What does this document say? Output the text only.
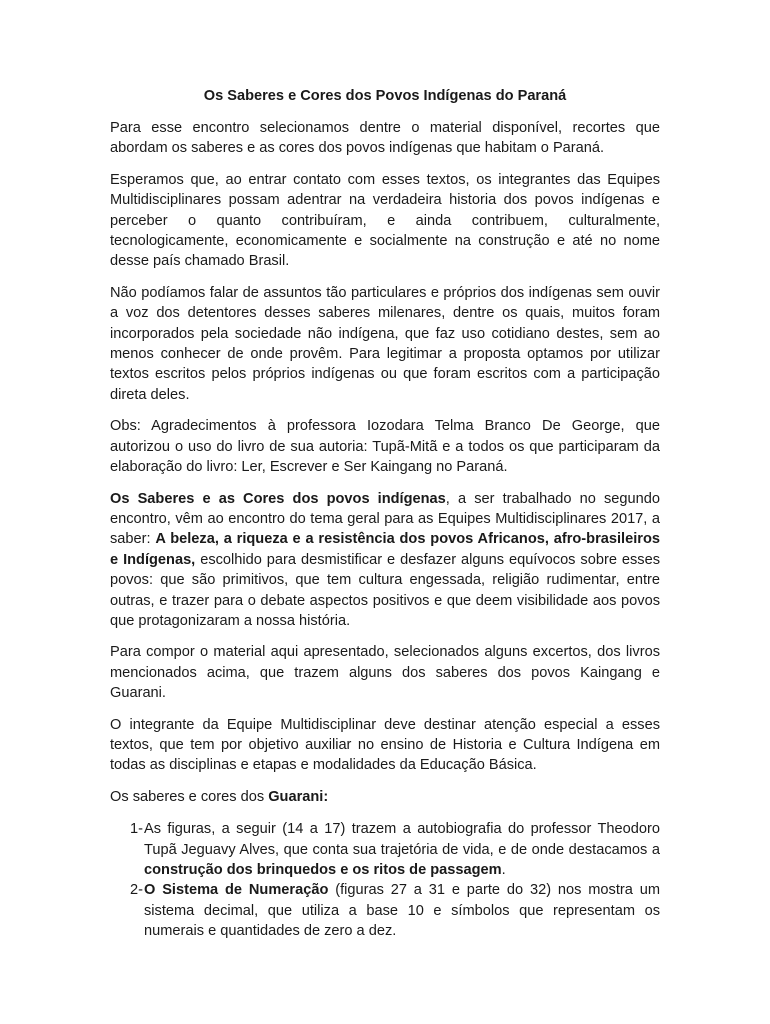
Os Saberes e Cores dos Povos Indígenas do Paraná

Para esse encontro selecionamos dentre o material disponível, recortes que abordam os saberes e as cores dos povos indígenas que habitam o Paraná.

Esperamos que, ao entrar contato com esses textos, os integrantes das Equipes Multidisciplinares possam adentrar na verdadeira historia dos povos indígenas e perceber o quanto contribuíram, e ainda contribuem, culturalmente, tecnologicamente, economicamente e socialmente na construção e até no nome desse país chamado Brasil.

Não podíamos falar de assuntos tão particulares e próprios dos indígenas sem ouvir a voz dos detentores desses saberes milenares, dentre os quais, muitos foram incorporados pela sociedade não indígena, que faz uso cotidiano destes, sem ao menos conhecer de onde provêm. Para legitimar a proposta optamos por utilizar textos escritos pelos próprios indígenas ou que foram escritos com a participação direta deles.

Obs: Agradecimentos à professora Iozodara Telma Branco De George, que autorizou o uso do livro de sua autoria: Tupã-Mitã e a todos os que participaram da elaboração do livro: Ler, Escrever e Ser Kaingang no Paraná.

Os Saberes e as Cores dos povos indígenas, a ser trabalhado no segundo encontro, vêm ao encontro do tema geral para as Equipes Multidisciplinares 2017, a saber: A beleza, a riqueza e a resistência dos povos Africanos, afro-brasileiros e Indígenas, escolhido para desmistificar e desfazer alguns equívocos sobre esses povos: que são primitivos, que tem cultura engessada, religião rudimentar, entre outras, e trazer para o debate aspectos positivos e que deem visibilidade aos povos que protagonizaram a nossa história.

Para compor o material aqui apresentado, selecionados alguns excertos, dos livros mencionados acima, que trazem alguns dos saberes dos povos Kaingang e Guarani.

O integrante da Equipe Multidisciplinar deve destinar atenção especial a esses textos, que tem por objetivo auxiliar no ensino de Historia e Cultura Indígena em todas as disciplinas e etapas e modalidades da Educação Básica.

Os saberes e cores dos Guarani:

1- As figuras, a seguir (14 a 17) trazem a autobiografia do professor Theodoro Tupã Jeguavy Alves, que conta sua trajetória de vida, e de onde destacamos a construção dos brinquedos e os ritos de passagem.
2- O Sistema de Numeração (figuras 27 a 31 e parte do 32) nos mostra um sistema decimal, que utiliza a base 10 e símbolos que representam os numerais e quantidades de zero a dez.
